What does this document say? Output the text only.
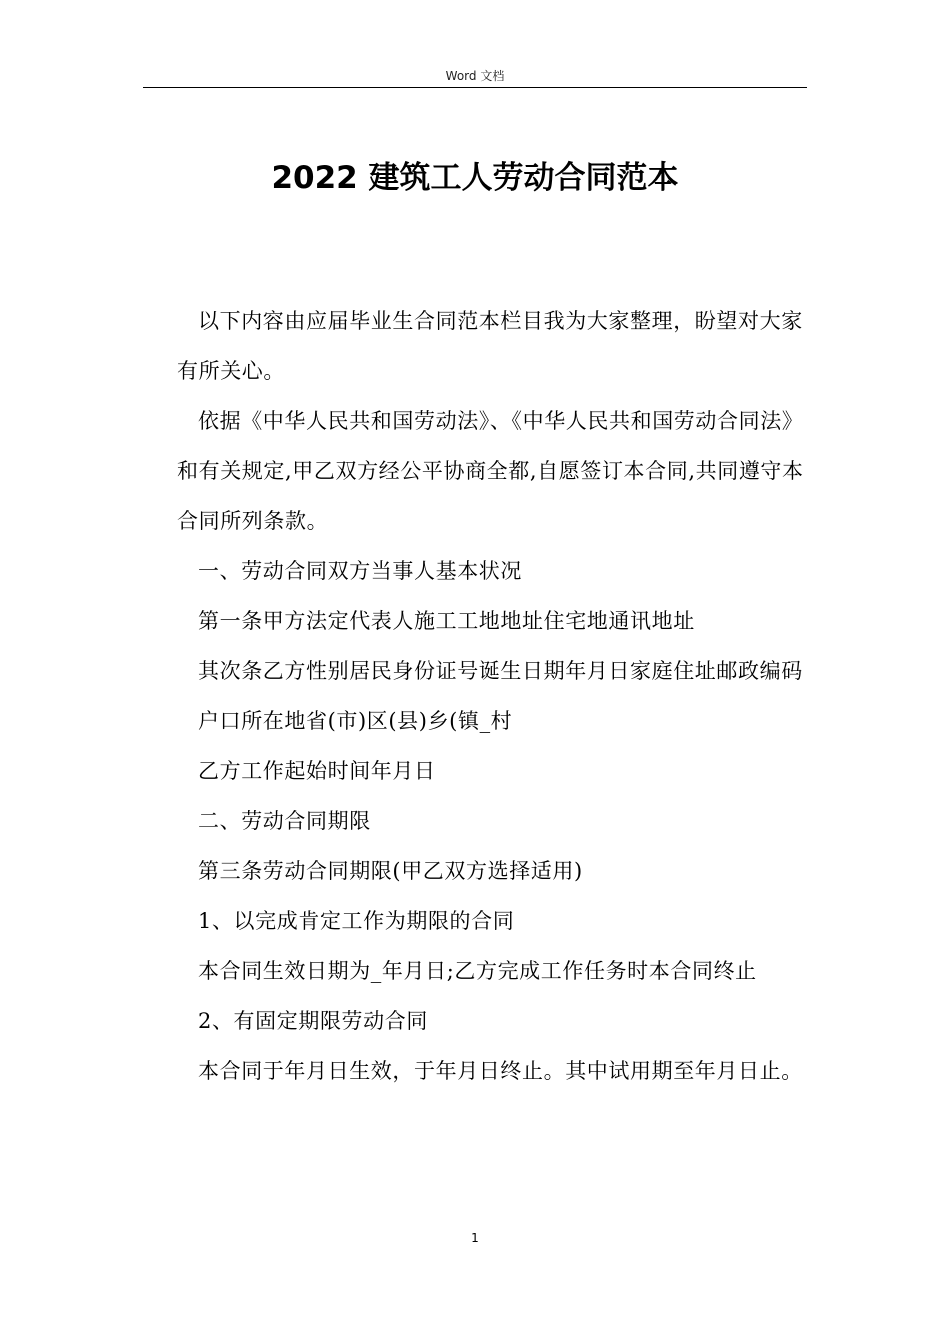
Word 文档
2022 建筑工人劳动合同范本

以下内容由应届毕业生合同范本栏目我为大家整理，盼望对大家有所关心。

依据《中华人民共和国劳动法》、《中华人民共和国劳动合同法》和有关规定,甲乙双方经公平协商全都,自愿签订本合同,共同遵守本合同所列条款。

一、劳动合同双方当事人基本状况

第一条甲方法定代表人施工工地地址住宅地通讯地址

其次条乙方性别居民身份证号诞生日期年月日家庭住址邮政编码

户口所在地省(市)区(县)乡(镇_村

乙方工作起始时间年月日

二、劳动合同期限

第三条劳动合同期限(甲乙双方选择适用)

1、以完成肯定工作为期限的合同

本合同生效日期为_年月日;乙方完成工作任务时本合同终止

2、有固定期限劳动合同

本合同于年月日生效，于年月日终止。其中试用期至年月日止。

1
